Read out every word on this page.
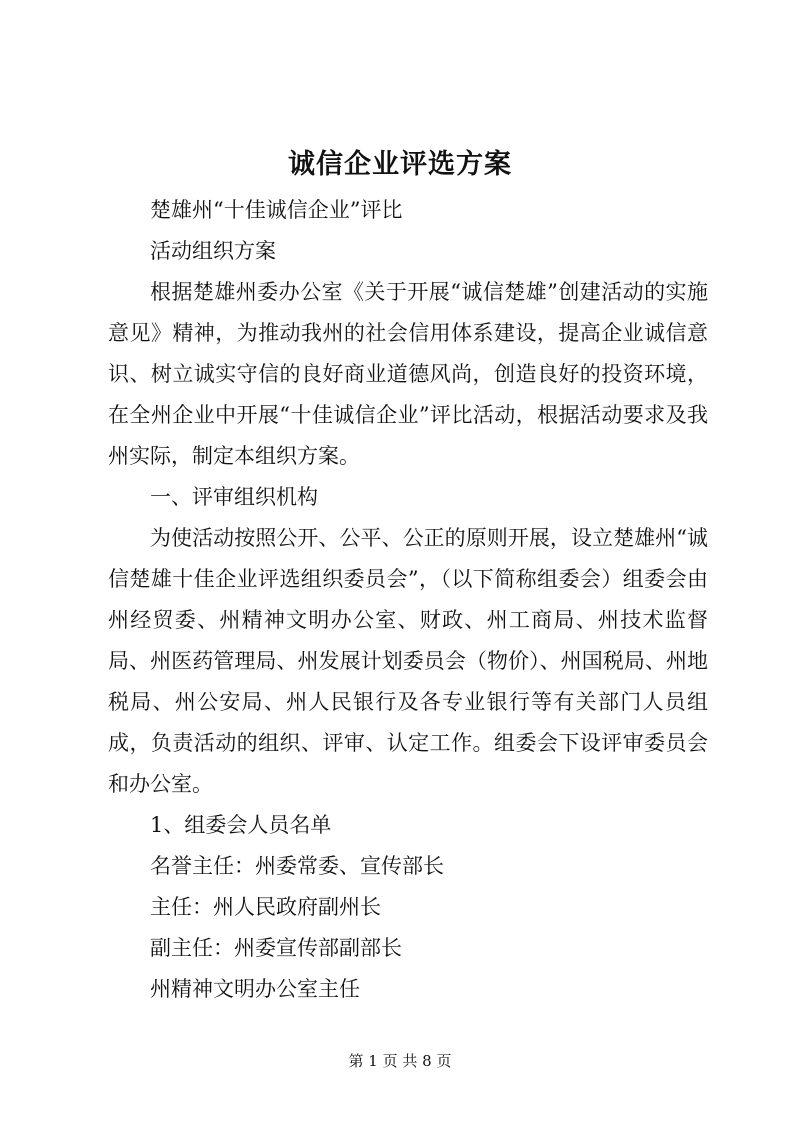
诚信企业评选方案

楚雄州“十佳诚信企业”评比

活动组织方案

根据楚雄州委办公室《关于开展“诚信楚雄”创建活动的实施意见》精神，为推动我州的社会信用体系建设，提高企业诚信意识、树立诚实守信的良好商业道德风尚，创造良好的投资环境，在全州企业中开展“十佳诚信企业”评比活动，根据活动要求及我州实际，制定本组织方案。

一、评审组织机构

为使活动按照公开、公平、公正的原则开展，设立楚雄州“诚信楚雄十佳企业评选组织委员会”，（以下简称组委会）组委会由州经贸委、州精神文明办公室、财政、州工商局、州技术监督局、州医药管理局、州发展计划委员会（物价）、州国税局、州地税局、州公安局、州人民银行及各专业银行等有关部门人员组成，负责活动的组织、评审、认定工作。组委会下设评审委员会和办公室。

1、组委会人员名单

名誉主任：州委常委、宣传部长

主任：州人民政府副州长

副主任：州委宣传部副部长

州精神文明办公室主任

第 1 页 共 8 页
